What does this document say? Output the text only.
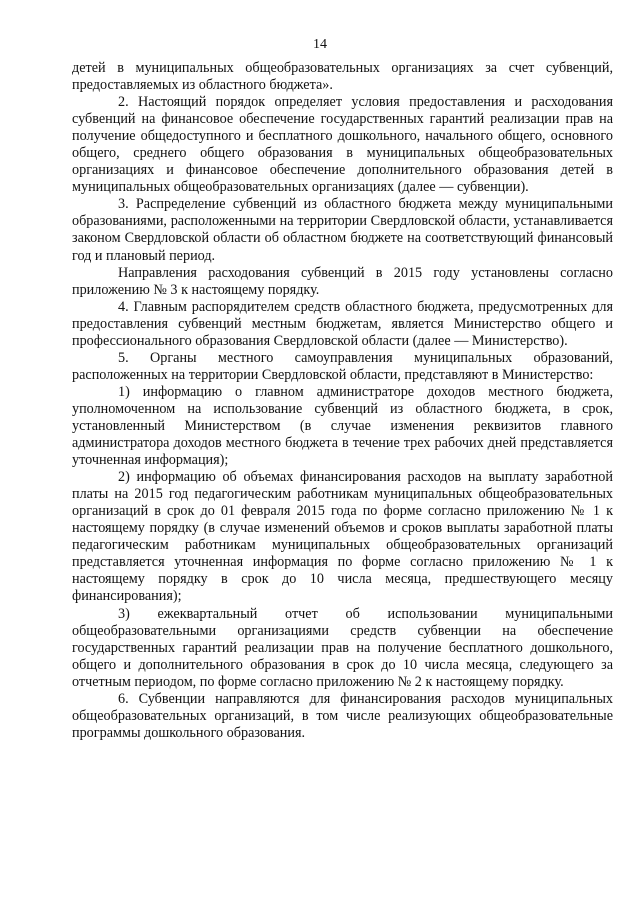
14

детей в муниципальных общеобразовательных организациях за счет субвенций, предоставляемых из областного бюджета».

2. Настоящий порядок определяет условия предоставления и расходования субвенций на финансовое обеспечение государственных гарантий реализации прав на получение общедоступного и бесплатного дошкольного, начального общего, основного общего, среднего общего образования в муниципальных общеобразовательных организациях и финансовое обеспечение дополнительного образования детей в муниципальных общеобразовательных организациях (далее — субвенции).

3. Распределение субвенций из областного бюджета между муниципальными образованиями, расположенными на территории Свердловской области, устанавливается законом Свердловской области об областном бюджете на соответствующий финансовый год и плановый период.

Направления расходования субвенций в 2015 году установлены согласно приложению № 3 к настоящему порядку.

4. Главным распорядителем средств областного бюджета, предусмотренных для предоставления субвенций местным бюджетам, является Министерство общего и профессионального образования Свердловской области (далее — Министерство).

5. Органы местного самоуправления муниципальных образований, расположенных на территории Свердловской области, представляют в Министерство:

1) информацию о главном администраторе доходов местного бюджета, уполномоченном на использование субвенций из областного бюджета, в срок, установленный Министерством (в случае изменения реквизитов главного администратора доходов местного бюджета в течение трех рабочих дней представляется уточненная информация);

2) информацию об объемах финансирования расходов на выплату заработной платы на 2015 год педагогическим работникам муниципальных общеобразовательных организаций в срок до 01 февраля 2015 года по форме согласно приложению № 1 к настоящему порядку (в случае изменений объемов и сроков выплаты заработной платы педагогическим работникам муниципальных общеобразовательных организаций представляется уточненная информация по форме согласно приложению № 1 к настоящему порядку в срок до 10 числа месяца, предшествующего месяцу финансирования);

3) ежеквартальный отчет об использовании муниципальными общеобразовательными организациями средств субвенции на обеспечение государственных гарантий реализации прав на получение бесплатного дошкольного, общего и дополнительного образования в срок до 10 числа месяца, следующего за отчетным периодом, по форме согласно приложению № 2 к настоящему порядку.

6. Субвенции направляются для финансирования расходов муниципальных общеобразовательных организаций, в том числе реализующих общеобразовательные программы дошкольного образования.
